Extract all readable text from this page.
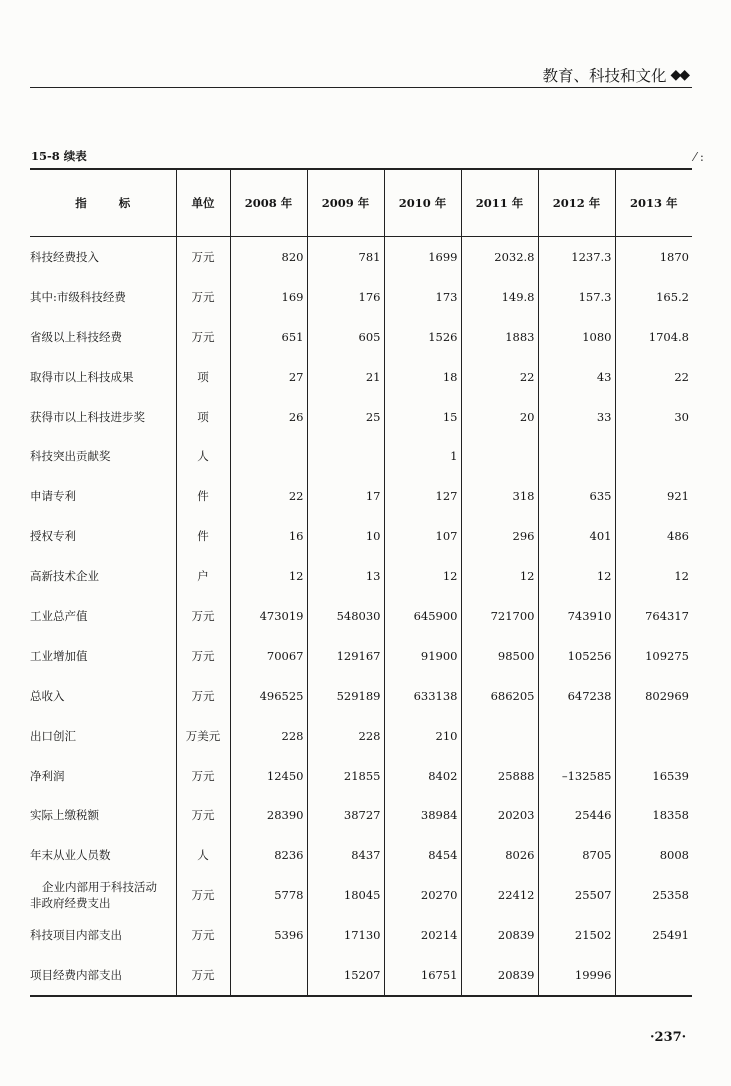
教育、科技和文化 ◆◆
15-8 续表	⁄ :
指 标	单位	2008 年	2009 年	2010 年	2011 年	2012 年	2013 年
科技经费投入	万元	820	781	1699	2032.8	1237.3	1870
其中:市级科技经费	万元	169	176	173	149.8	157.3	165.2
省级以上科技经费	万元	651	605	1526	1883	1080	1704.8
取得市以上科技成果	项	27	21	18	22	43	22
获得市以上科技进步奖	项	26	25	15	20	33	30
科技突出贡献奖	人			1			
申请专利	件	22	17	127	318	635	921
授权专利	件	16	10	107	296	401	486
高新技术企业	户	12	13	12	12	12	12
工业总产值	万元	473019	548030	645900	721700	743910	764317
工业增加值	万元	70067	129167	91900	98500	105256	109275
总收入	万元	496525	529189	633138	686205	647238	802969
出口创汇	万美元	228	228	210			
净利润	万元	12450	21855	8402	25888	–132585	16539
实际上缴税额	万元	28390	38727	38984	20203	25446	18358
年末从业人员数	人	8236	8437	8454	8026	8705	8008

企业内部用于科技活动
非政府经费支出	万元	5778	18045	20270	22412	25507	25358
科技项目内部支出	万元	5396	17130	20214	20839	21502	25491
项目经费内部支出	万元		15207	16751	20839	19996	
·237·
